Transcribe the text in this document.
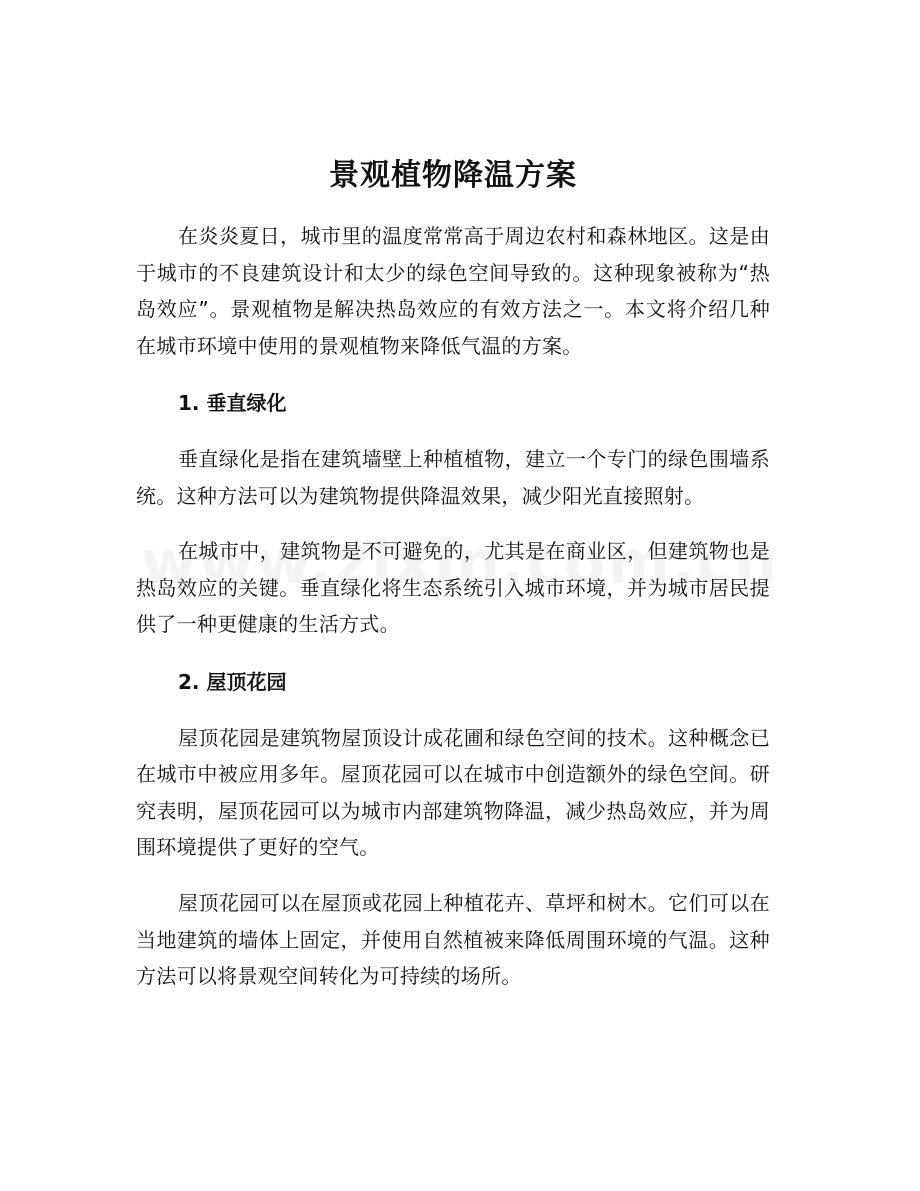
景观植物降温方案

在炎炎夏日，城市里的温度常常高于周边农村和森林地区。这是由于城市的不良建筑设计和太少的绿色空间导致的。这种现象被称为“热岛效应”。景观植物是解决热岛效应的有效方法之一。本文将介绍几种在城市环境中使用的景观植物来降低气温的方案。

1. 垂直绿化

垂直绿化是指在建筑墙壁上种植植物，建立一个专门的绿色围墙系统。这种方法可以为建筑物提供降温效果，减少阳光直接照射。

在城市中，建筑物是不可避免的，尤其是在商业区，但建筑物也是热岛效应的关键。垂直绿化将生态系统引入城市环境，并为城市居民提供了一种更健康的生活方式。

2. 屋顶花园

屋顶花园是建筑物屋顶设计成花圃和绿色空间的技术。这种概念已在城市中被应用多年。屋顶花园可以在城市中创造额外的绿色空间。研究表明，屋顶花园可以为城市内部建筑物降温，减少热岛效应，并为周围环境提供了更好的空气。

屋顶花园可以在屋顶或花园上种植花卉、草坪和树木。它们可以在当地建筑的墙体上固定，并使用自然植被来降低周围环境的气温。这种方法可以将景观空间转化为可持续的场所。
